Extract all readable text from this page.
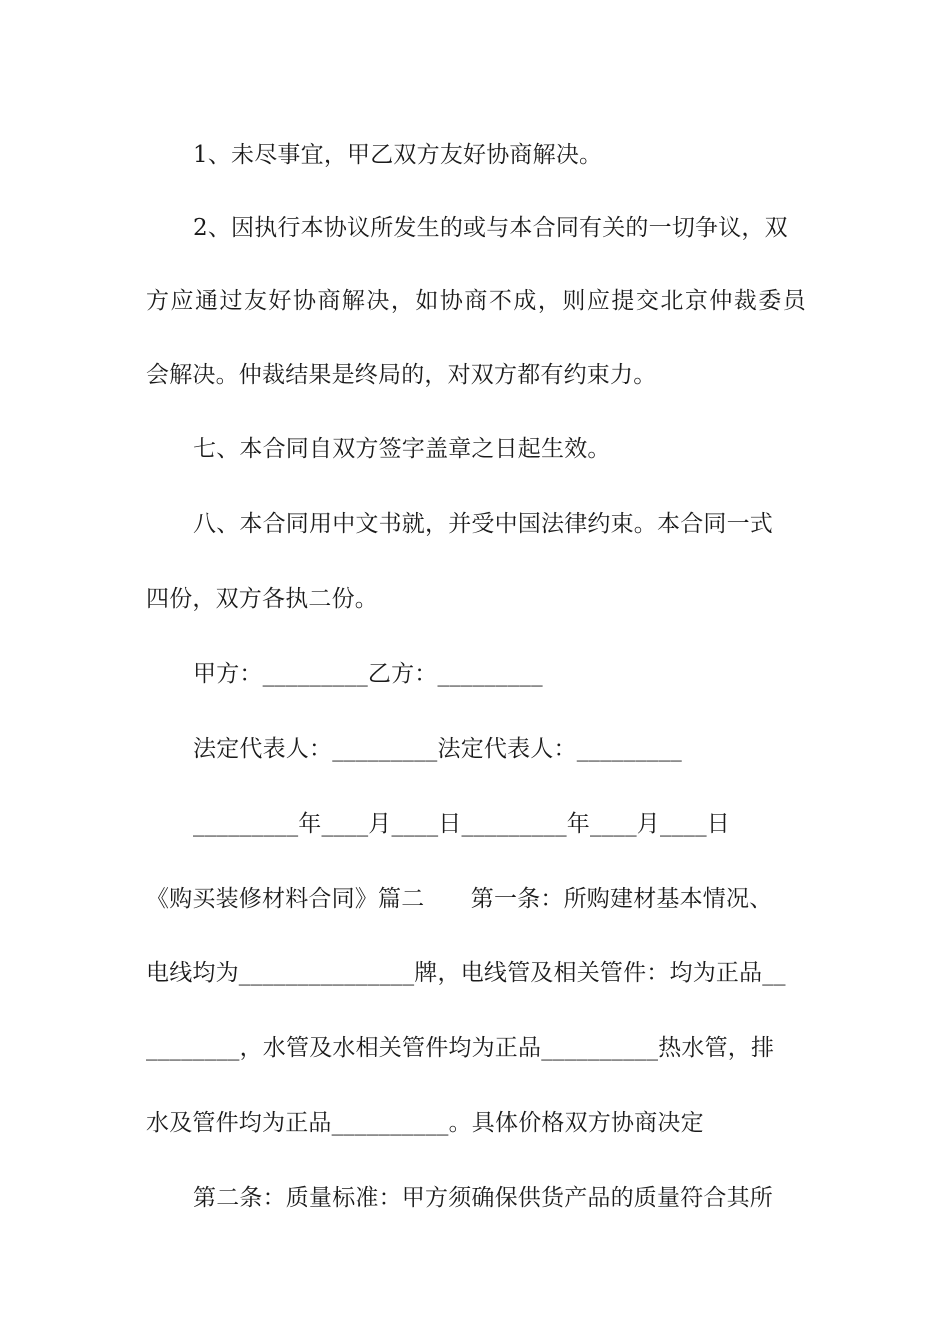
1、未尽事宜，甲乙双方友好协商解决。
2、因执行本协议所发生的或与本合同有关的一切争议，双
方应通过友好协商解决，如协商不成，则应提交北京仲裁委员
会解决。仲裁结果是终局的，对双方都有约束力。
七、本合同自双方签字盖章之日起生效。
八、本合同用中文书就，并受中国法律约束。本合同一式
四份，双方各执二份。
甲方：_________乙方：_________
法定代表人：_________法定代表人：_________
_________年____月____日_________年____月____日
《购买装修材料合同》篇二　　第一条：所购建材基本情况、
电线均为_______________牌，电线管及相关管件：均为正品__
________，水管及水相关管件均为正品__________热水管，排
水及管件均为正品__________。具体价格双方协商决定
第二条：质量标准：甲方须确保供货产品的质量符合其所
